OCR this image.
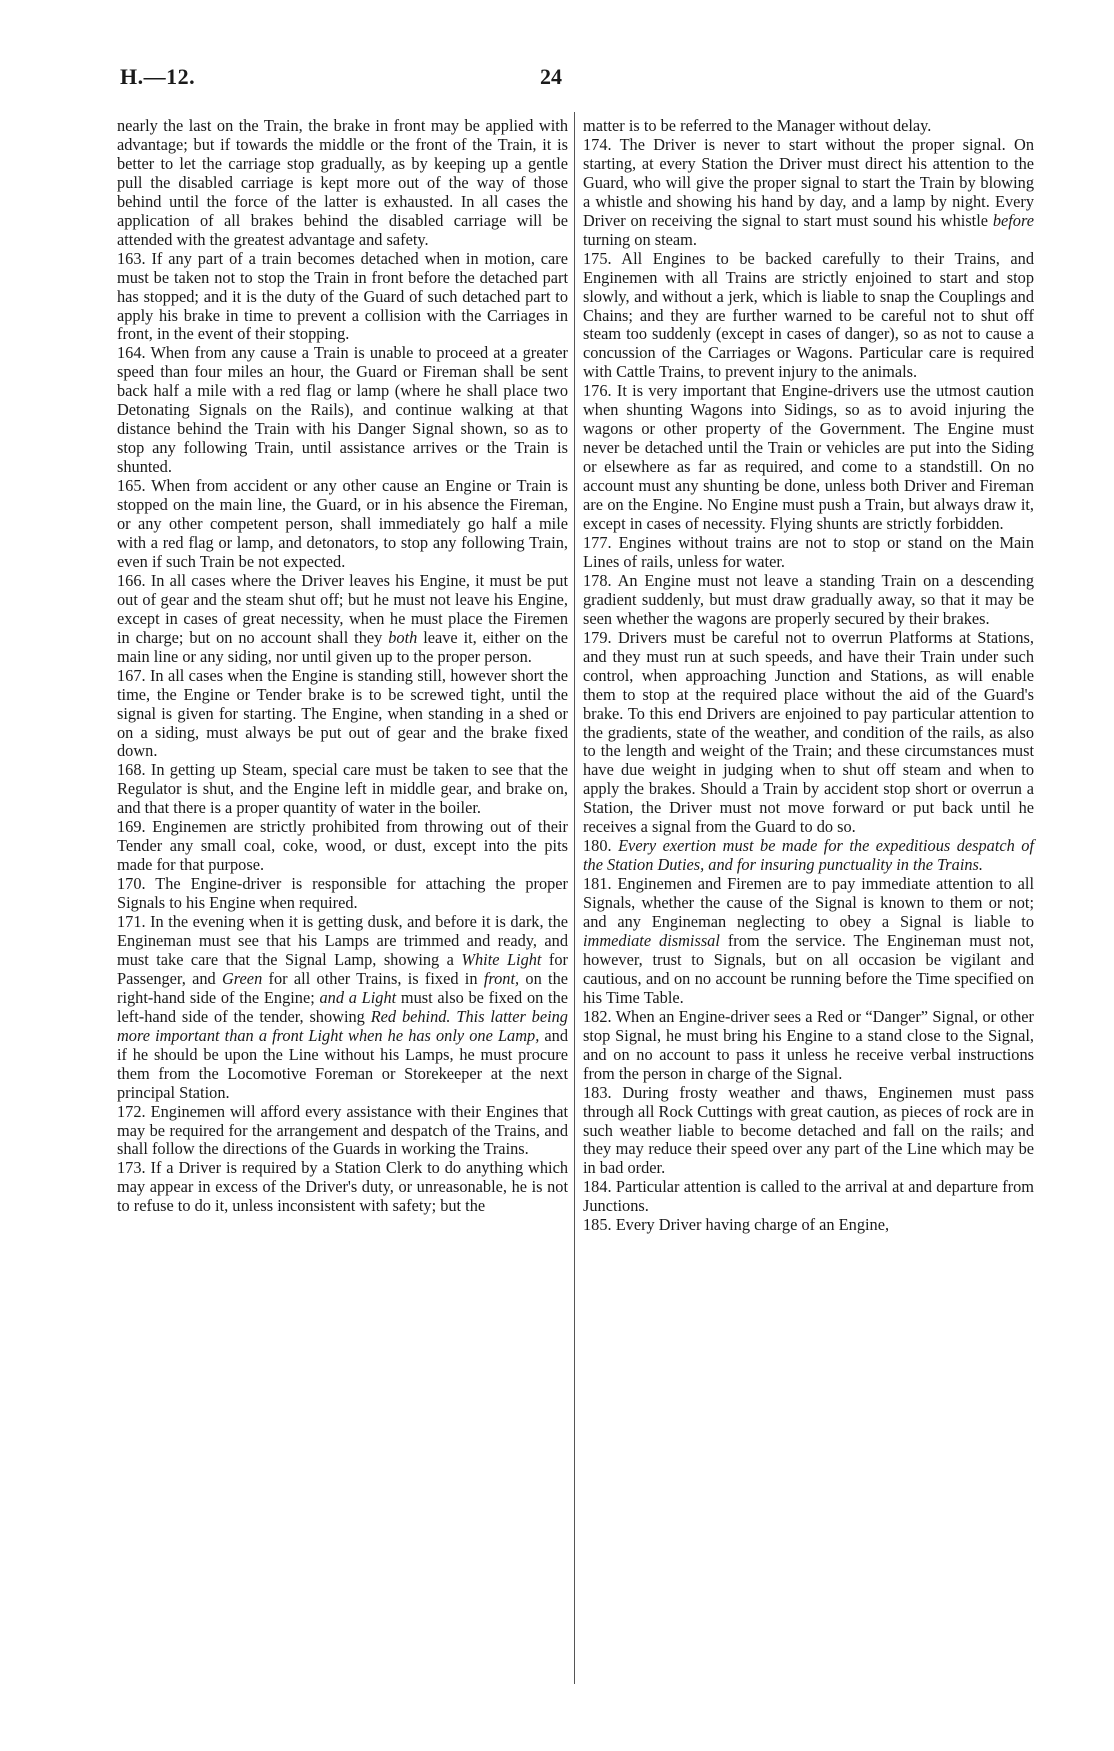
H.—12.	24

nearly the last on the Train, the brake in front may be applied with advantage; but if towards the middle or the front of the Train, it is better to let the carriage stop gradually, as by keeping up a gentle pull the disabled carriage is kept more out of the way of those behind until the force of the latter is exhausted. In all cases the application of all brakes behind the disabled carriage will be attended with the greatest advantage and safety.

163. If any part of a train becomes detached when in motion, care must be taken not to stop the Train in front before the detached part has stopped; and it is the duty of the Guard of such detached part to apply his brake in time to prevent a collision with the Carriages in front, in the event of their stopping.

164. When from any cause a Train is unable to proceed at a greater speed than four miles an hour, the Guard or Fireman shall be sent back half a mile with a red flag or lamp (where he shall place two Detonating Signals on the Rails), and continue walking at that distance behind the Train with his Danger Signal shown, so as to stop any following Train, until assistance arrives or the Train is shunted.

165. When from accident or any other cause an Engine or Train is stopped on the main line, the Guard, or in his absence the Fireman, or any other competent person, shall immediately go half a mile with a red flag or lamp, and detonators, to stop any following Train, even if such Train be not expected.

166. In all cases where the Driver leaves his Engine, it must be put out of gear and the steam shut off; but he must not leave his Engine, except in cases of great necessity, when he must place the Firemen in charge; but on no account shall they both leave it, either on the main line or any siding, nor until given up to the proper person.

167. In all cases when the Engine is standing still, however short the time, the Engine or Tender brake is to be screwed tight, until the signal is given for starting. The Engine, when standing in a shed or on a siding, must always be put out of gear and the brake fixed down.

168. In getting up Steam, special care must be taken to see that the Regulator is shut, and the Engine left in middle gear, and brake on, and that there is a proper quantity of water in the boiler.

169. Enginemen are strictly prohibited from throwing out of their Tender any small coal, coke, wood, or dust, except into the pits made for that purpose.

170. The Engine-driver is responsible for attaching the proper Signals to his Engine when required.

171. In the evening when it is getting dusk, and before it is dark, the Engineman must see that his Lamps are trimmed and ready, and must take care that the Signal Lamp, showing a White Light for Passenger, and Green for all other Trains, is fixed in front, on the right-hand side of the Engine; and a Light must also be fixed on the left-hand side of the tender, showing Red behind. This latter being more important than a front Light when he has only one Lamp, and if he should be upon the Line without his Lamps, he must procure them from the Locomotive Foreman or Storekeeper at the next principal Station.

172. Enginemen will afford every assistance with their Engines that may be required for the arrangement and despatch of the Trains, and shall follow the directions of the Guards in working the Trains.

173. If a Driver is required by a Station Clerk to do anything which may appear in excess of the Driver's duty, or unreasonable, he is not to refuse to do it, unless inconsistent with safety; but the

matter is to be referred to the Manager without delay.

174. The Driver is never to start without the proper signal. On starting, at every Station the Driver must direct his attention to the Guard, who will give the proper signal to start the Train by blowing a whistle and showing his hand by day, and a lamp by night. Every Driver on receiving the signal to start must sound his whistle before turning on steam.

175. All Engines to be backed carefully to their Trains, and Enginemen with all Trains are strictly enjoined to start and stop slowly, and without a jerk, which is liable to snap the Couplings and Chains; and they are further warned to be careful not to shut off steam too suddenly (except in cases of danger), so as not to cause a concussion of the Carriages or Wagons. Particular care is required with Cattle Trains, to prevent injury to the animals.

176. It is very important that Engine-drivers use the utmost caution when shunting Wagons into Sidings, so as to avoid injuring the wagons or other property of the Government. The Engine must never be detached until the Train or vehicles are put into the Siding or elsewhere as far as required, and come to a standstill. On no account must any shunting be done, unless both Driver and Fireman are on the Engine. No Engine must push a Train, but always draw it, except in cases of necessity. Flying shunts are strictly forbidden.

177. Engines without trains are not to stop or stand on the Main Lines of rails, unless for water.

178. An Engine must not leave a standing Train on a descending gradient suddenly, but must draw gradually away, so that it may be seen whether the wagons are properly secured by their brakes.

179. Drivers must be careful not to overrun Platforms at Stations, and they must run at such speeds, and have their Train under such control, when approaching Junction and Stations, as will enable them to stop at the required place without the aid of the Guard's brake. To this end Drivers are enjoined to pay particular attention to the gradients, state of the weather, and condition of the rails, as also to the length and weight of the Train; and these circumstances must have due weight in judging when to shut off steam and when to apply the brakes. Should a Train by accident stop short or overrun a Station, the Driver must not move forward or put back until he receives a signal from the Guard to do so.

180. Every exertion must be made for the expeditious despatch of the Station Duties, and for insuring punctuality in the Trains.

181. Enginemen and Firemen are to pay immediate attention to all Signals, whether the cause of the Signal is known to them or not; and any Engineman neglecting to obey a Signal is liable to immediate dismissal from the service. The Engineman must not, however, trust to Signals, but on all occasion be vigilant and cautious, and on no account be running before the Time specified on his Time Table.

182. When an Engine-driver sees a Red or “Danger” Signal, or other stop Signal, he must bring his Engine to a stand close to the Signal, and on no account to pass it unless he receive verbal instructions from the person in charge of the Signal.

183. During frosty weather and thaws, Enginemen must pass through all Rock Cuttings with great caution, as pieces of rock are in such weather liable to become detached and fall on the rails; and they may reduce their speed over any part of the Line which may be in bad order.

184. Particular attention is called to the arrival at and departure from Junctions.

185. Every Driver having charge of an Engine,
